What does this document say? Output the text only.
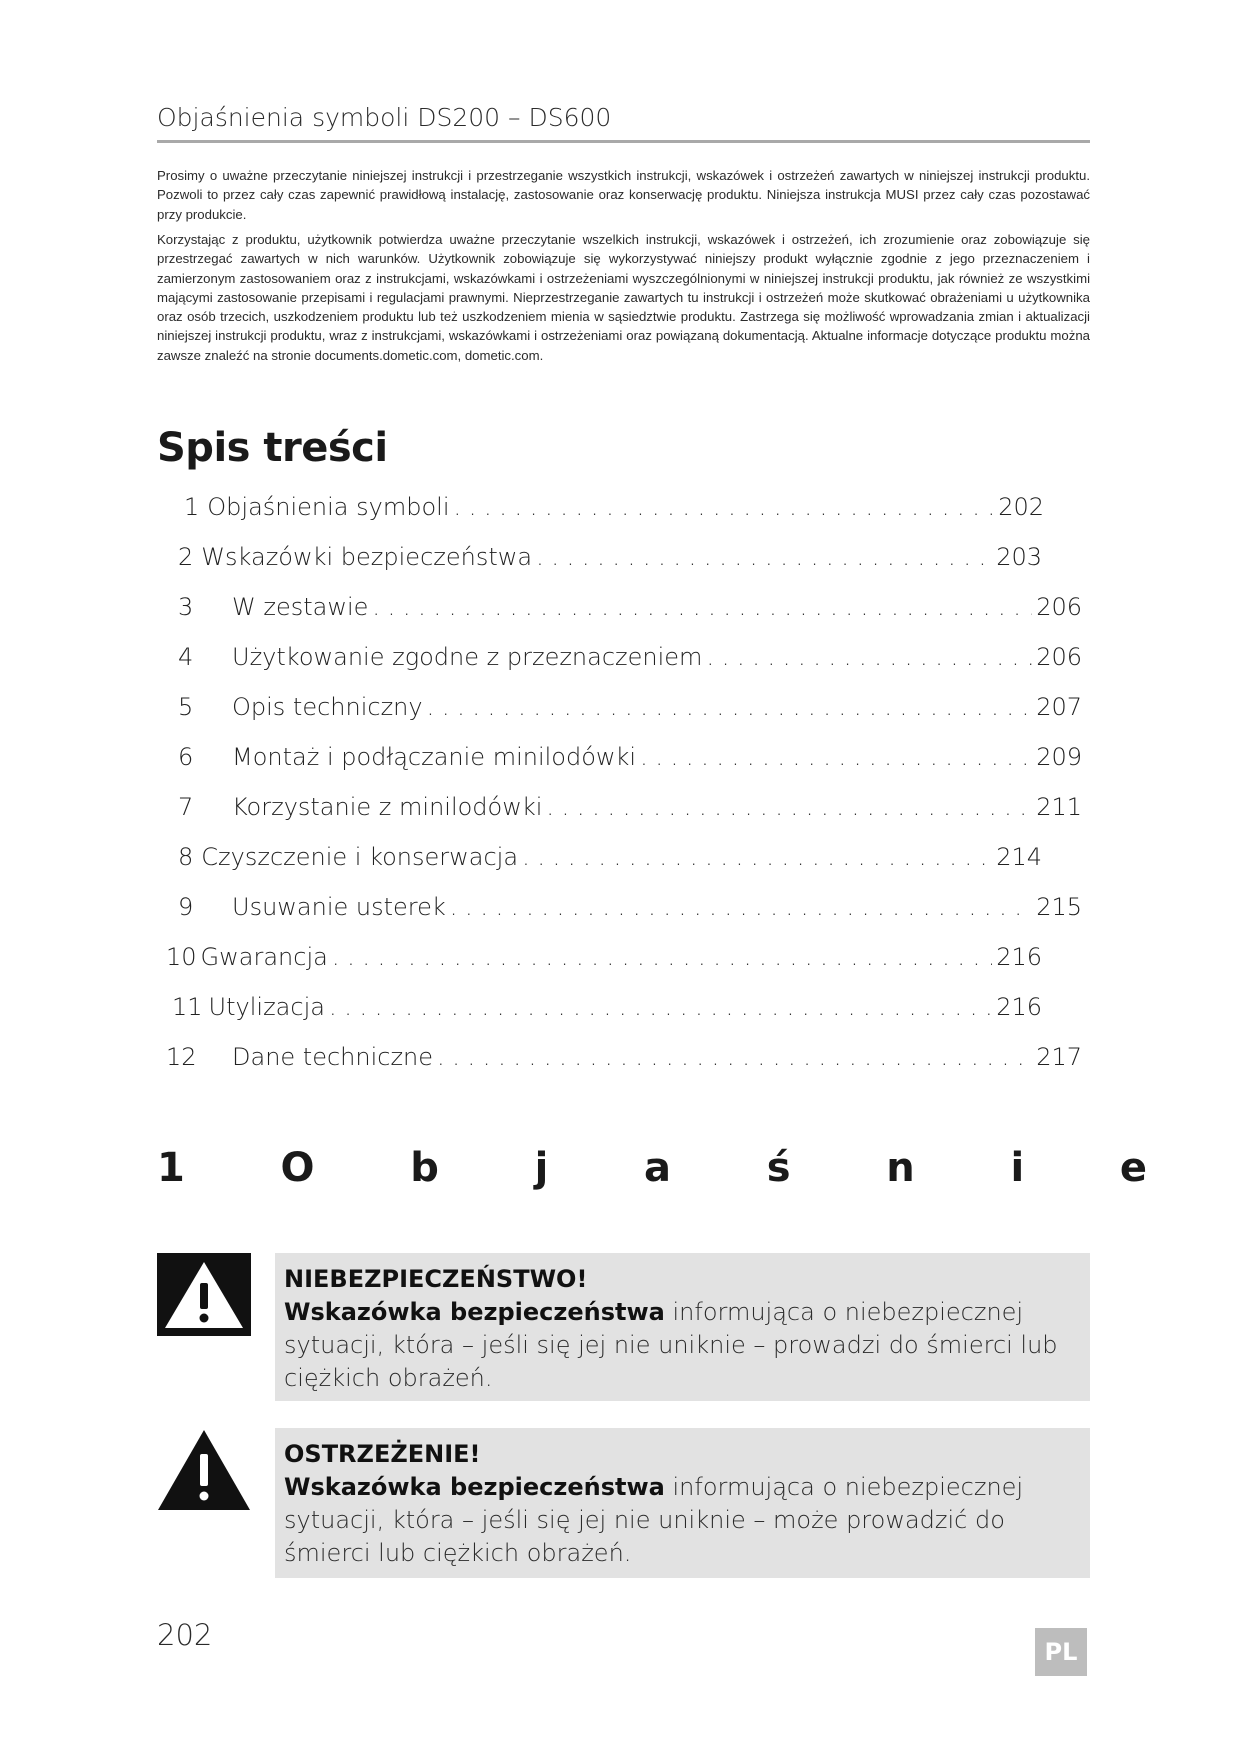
Objaśnienia symboli DS200 – DS600
Prosimy o uważne przeczytanie niniejszej instrukcji i przestrzeganie wszystkich instrukcji, wskazówek i ostrzeżeń zawartych w niniejszej instrukcji produktu. Pozwoli to przez cały czas zapewnić prawidłową instalację, zastosowanie oraz konserwację produktu. Niniejsza instrukcja MUSI przez cały czas pozostawać przy produkcie.
Korzystając z produktu, użytkownik potwierdza uważne przeczytanie wszelkich instrukcji, wskazówek i ostrzeżeń, ich zrozumienie oraz zobowiązuje się przestrzegać zawartych w nich warunków. Użytkownik zobowiązuje się wykorzystywać niniejszy produkt wyłącznie zgodnie z jego przeznaczeniem i zamierzonym zastosowaniem oraz z instrukcjami, wskazówkami i ostrzeżeniami wyszczególnionymi w niniejszej instrukcji produktu, jak również ze wszystkimi mającymi zastosowanie przepisami i regulacjami prawnymi. Nieprzestrzeganie zawartych tu instrukcji i ostrzeżeń może skutkować obrażeniami u użytkownika oraz osób trzecich, uszkodzeniem produktu lub też uszkodzeniem mienia w sąsiedztwie produktu. Zastrzega się możliwość wprowadzania zmian i aktualizacji niniejszej instrukcji produktu, wraz z instrukcjami, wskazówkami i ostrzeżeniami oraz powiązaną dokumentacją. Aktualne informacje dotyczące produktu można zawsze znaleźć na stronie documents.dometic.com, dometic.com.
Spis treści
1 Objaśnienia symboli . . .	202
2 Wskazówki bezpieczeństwa . . .	203
3	W zestawie . . .	206
4	Użytkowanie zgodne z przeznaczeniem . . .	206
5	Opis techniczny . . .	207
6	Montaż i podłączanie minilodówki . . .	209
7	Korzystanie z minilodówki . . .	211
8 Czyszczenie i konserwacja . . .	214
9	Usuwanie usterek . . .	215
10 Gwarancja . . .	216
11 Utylizacja . . .	216
12	Dane techniczne . . .	217
1 O b j a ś n i e
NIEBEZPIECZEŃSTWO!
Wskazówka bezpieczeństwa informująca o niebezpiecznej sytuacji, która – jeśli się jej nie uniknie – prowadzi do śmierci lub ciężkich obrażeń.
OSTRZEŻENIE!
Wskazówka bezpieczeństwa informująca o niebezpiecznej sytuacji, która – jeśli się jej nie uniknie – może prowadzić do śmierci lub ciężkich obrażeń.
202	PL
